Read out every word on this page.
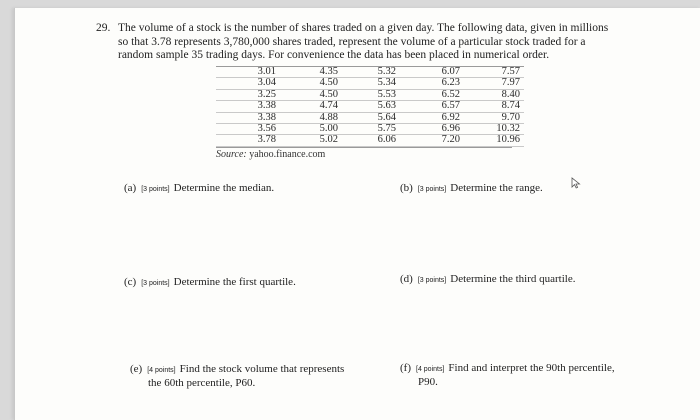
29. The volume of a stock is the number of shares traded on a given day. The following data, given in millions so that 3.78 represents 3,780,000 shares traded, represent the volume of a particular stock traded for a random sample 35 trading days. For convenience the data has been placed in numerical order.
3.01	4.35	5.32	6.07	7.57
3.04	4.50	5.34	6.23	7.97
3.25	4.50	5.53	6.52	8.40
3.38	4.74	5.63	6.57	8.74
3.38	4.88	5.64	6.92	9.70
3.56	5.00	5.75	6.96	10.32
3.78	5.02	6.06	7.20	10.96
Source: yahoo.finance.com
(a) [3 points] Determine the median.	(b) [3 points] Determine the range.
(c) [3 points] Determine the first quartile.	(d) [3 points] Determine the third quartile.
(e) [4 points] Find the stock volume that represents
the 60th percentile, P60.
(f) [4 points] Find and interpret the 90th percentile,
P90.
